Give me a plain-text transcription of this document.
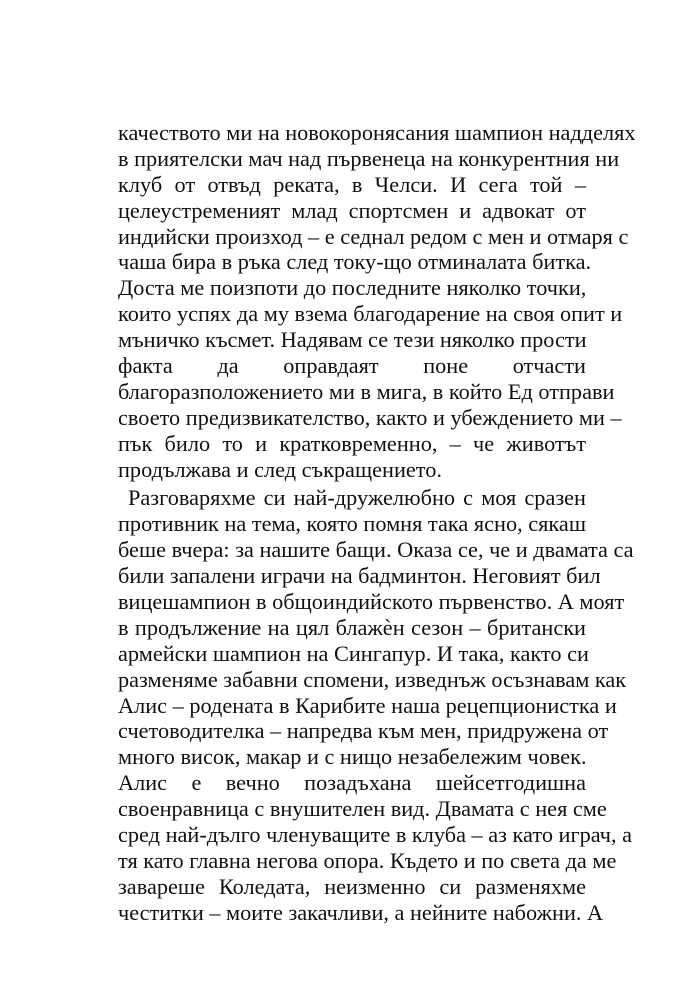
качеството ми на новокоронясания шампион надделях
в приятелски мач над първенеца на конкурентния ни
клуб от отвъд реката, в Челси. И сега той –
целеустременият млад спортсмен и адвокат от
индийски произход – е седнал редом с мен и отмаря с
чаша бира в ръка след току-що отминалата битка.
Доста ме поизпоти до последните няколко точки,
които успях да му взема благодарение на своя опит и
мъничко късмет. Надявам се тези няколко прости
факта да оправдаят поне отчасти
благоразположението ми в мига, в който Ед отправи
своето предизвикателство, както и убеждението ми –
пък било то и кратковременно, – че животът
продължава и след съкращението.
Разговаряхме си най-дружелюбно с моя сразен
противник на тема, която помня така ясно, сякаш
беше вчера: за нашите бащи. Оказа се, че и двамата са
били запалени играчи на бадминтон. Неговият бил
вицешампион в общоиндийското първенство. А моят
в продължение на цял блажѐн сезон – британски
армейски шампион на Сингапур. И така, както си
разменяме забавни спомени, изведнъж осъзнавам как
Алис – родената в Карибите наша рецепционистка и
счетоводителка – напредва към мен, придружена от
много висок, макар и с нищо незабележим човек.
Алис е вечно позадъхана шейсетгодишна
своенравница с внушителен вид. Двамата с нея сме
сред най-дълго членуващите в клуба – аз като играч, а
тя като главна негова опора. Където и по света да ме
завареше Коледата, неизменно си разменяхме
честитки – моите закачливи, а нейните набожни. А
